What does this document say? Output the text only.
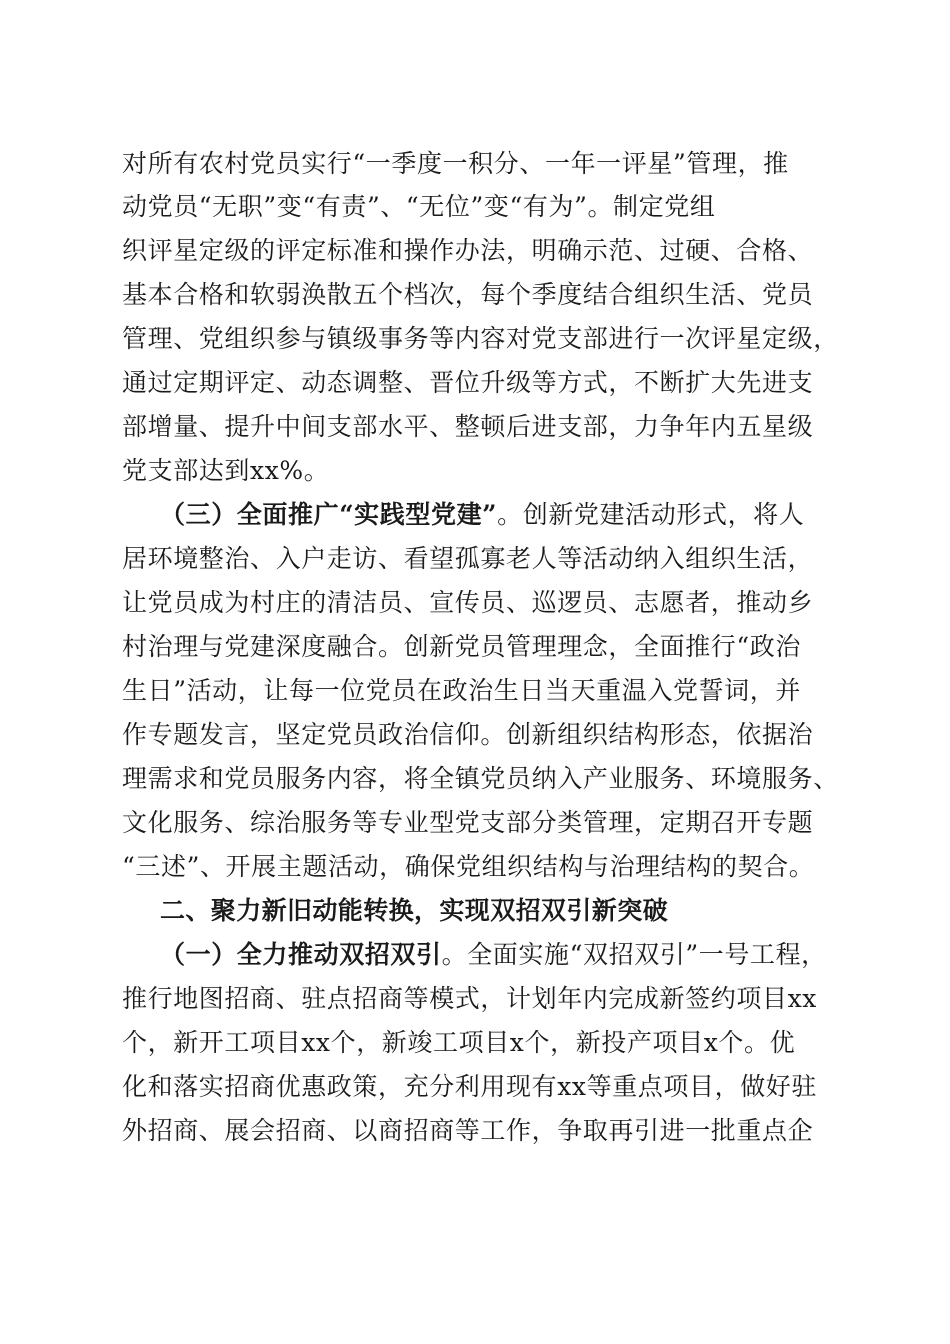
对所有农村党员实行“一季度一积分、一年一评星”管理，推
动党员“无职”变“有责”、“无位”变“有为”。制定党组
织评星定级的评定标准和操作办法，明确示范、过硬、合格、
基本合格和软弱涣散五个档次，每个季度结合组织生活、党员
管理、党组织参与镇级事务等内容对党支部进行一次评星定级，
通过定期评定、动态调整、晋位升级等方式，不断扩大先进支
部增量、提升中间支部水平、整顿后进支部，力争年内五星级
党支部达到xx%。
（三）全面推广“实践型党建”。创新党建活动形式，将人
居环境整治、入户走访、看望孤寡老人等活动纳入组织生活，
让党员成为村庄的清洁员、宣传员、巡逻员、志愿者，推动乡
村治理与党建深度融合。创新党员管理理念，全面推行“政治
生日”活动，让每一位党员在政治生日当天重温入党誓词，并
作专题发言，坚定党员政治信仰。创新组织结构形态，依据治
理需求和党员服务内容，将全镇党员纳入产业服务、环境服务、
文化服务、综治服务等专业型党支部分类管理，定期召开专题
“三述”、开展主题活动，确保党组织结构与治理结构的契合。
二、聚力新旧动能转换，实现双招双引新突破
（一）全力推动双招双引。全面实施“双招双引”一号工程，
推行地图招商、驻点招商等模式，计划年内完成新签约项目xx
个，新开工项目xx个，新竣工项目x个，新投产项目x个。优
化和落实招商优惠政策，充分利用现有xx等重点项目，做好驻
外招商、展会招商、以商招商等工作，争取再引进一批重点企
